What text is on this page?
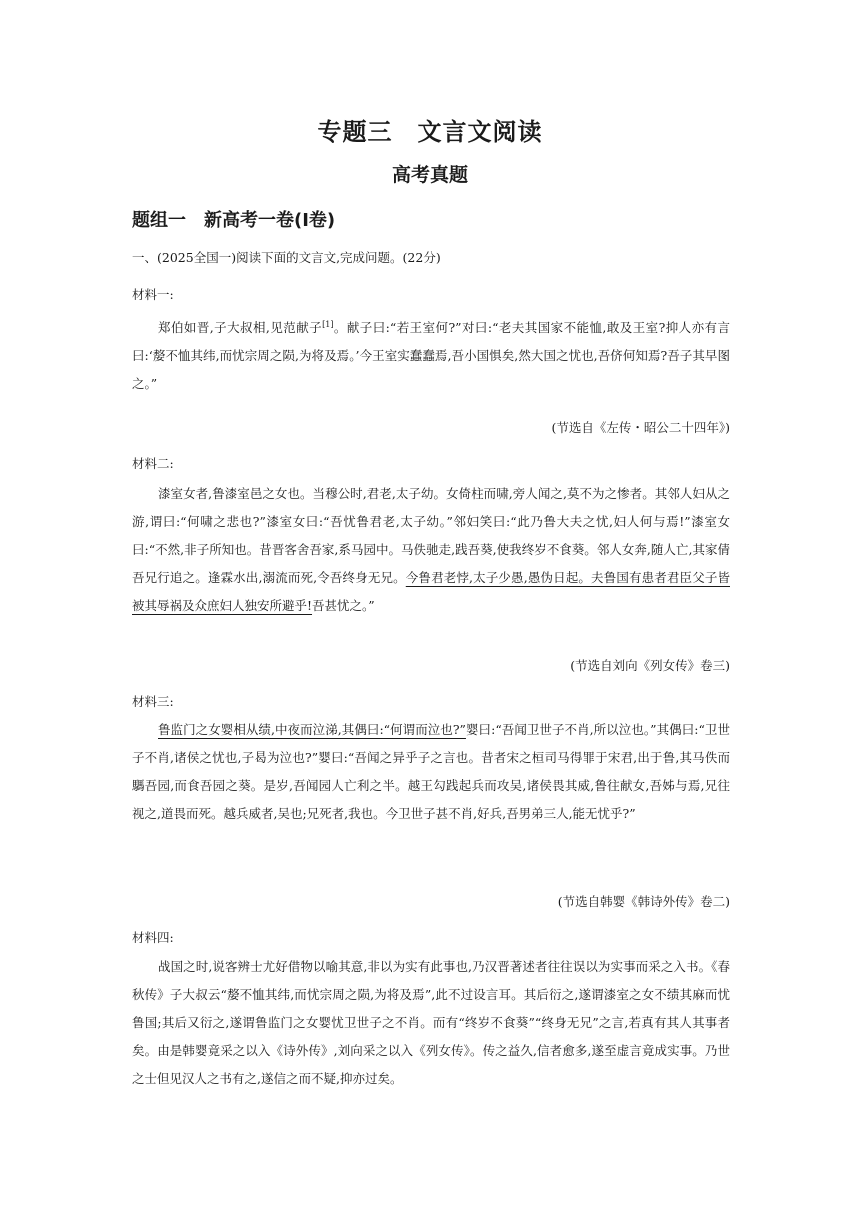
专题三　文言文阅读
高考真题
题组一　新高考一卷(Ⅰ卷)
一、(2025全国一)阅读下面的文言文,完成问题。(22分)
材料一:

郑伯如晋,子大叔相,见范献子[1]。献子曰:“若王室何?”对曰:“老夫其国家不能恤,敢及王室?抑人亦有言曰:‘嫠不恤其纬,而忧宗周之陨,为将及焉。’今王室实蠢蠢焉,吾小国惧矣,然大国之忧也,吾侪何知焉?吾子其早图之。”

(节选自《左传・昭公二十四年》)
材料二:

漆室女者,鲁漆室邑之女也。当穆公时,君老,太子幼。女倚柱而啸,旁人闻之,莫不为之惨者。其邻人妇从之游,谓曰:“何啸之悲也?”漆室女曰:“吾忧鲁君老,太子幼。”邻妇笑曰:“此乃鲁大夫之忧,妇人何与焉!”漆室女曰:“不然,非子所知也。昔晋客舍吾家,系马园中。马佚驰走,践吾葵,使我终岁不食葵。邻人女奔,随人亡,其家倩吾兄行追之。逢霖水出,溺流而死,令吾终身无兄。今鲁君老悖,太子少愚,愚伪日起。夫鲁国有患者君臣父子皆被其辱祸及众庶妇人独安所避乎!吾甚忧之。”

(节选自刘向《列女传》卷三)
材料三:

鲁监门之女婴相从绩,中夜而泣涕,其偶曰:“何谓而泣也?”婴曰:“吾闻卫世子不肖,所以泣也。”其偶曰:“卫世子不肖,诸侯之忧也,子曷为泣也?”婴曰:“吾闻之异乎子之言也。昔者宋之桓司马得罪于宋君,出于鲁,其马佚而騳吾园,而食吾园之葵。是岁,吾闻园人亡利之半。越王勾践起兵而攻吴,诸侯畏其威,鲁往献女,吾姊与焉,兄往视之,道畏而死。越兵威者,吴也;兄死者,我也。今卫世子甚不肖,好兵,吾男弟三人,能无忧乎?”

(节选自韩婴《韩诗外传》卷二)
材料四:

战国之时,说客辨士尤好借物以喻其意,非以为实有此事也,乃汉晋著述者往往误以为实事而采之入书。《春秋传》子大叔云“嫠不恤其纬,而忧宗周之陨,为将及焉”,此不过设言耳。其后衍之,遂谓漆室之女不绩其麻而忧鲁国;其后又衍之,遂谓鲁监门之女婴忧卫世子之不肖。而有“终岁不食葵”“终身无兄”之言,若真有其人其事者矣。由是韩婴竟采之以入《诗外传》,刘向采之以入《列女传》。传之益久,信者愈多,遂至虚言竟成实事。乃世之士但见汉人之书有之,遂信之而不疑,抑亦过矣。
